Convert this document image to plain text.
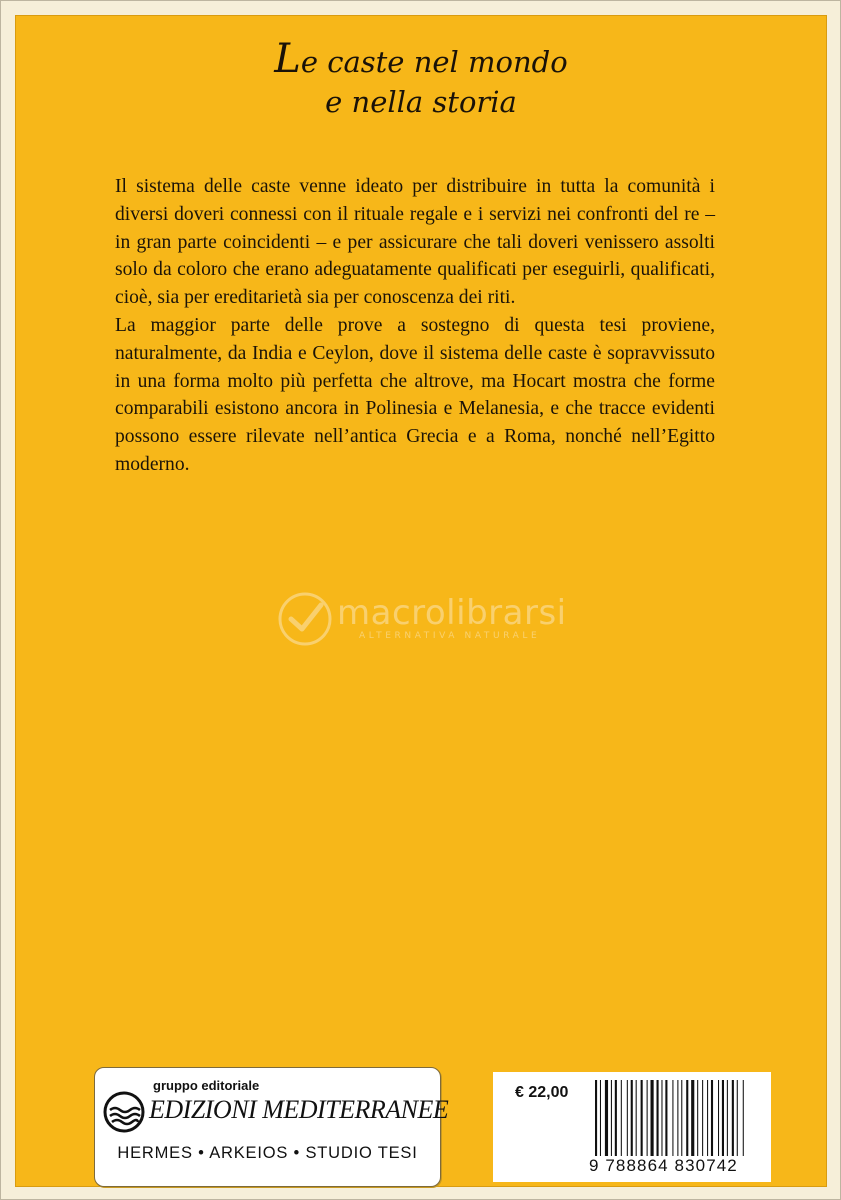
Le caste nel mondo
e nella storia

Il sistema delle caste venne ideato per distribuire in tutta la comunità i diversi doveri connessi con il rituale regale e i servizi nei confronti del re – in gran parte coincidenti – e per assicurare che tali doveri venissero assolti solo da coloro che erano adeguatamente qualificati per eseguirli, qualificati, cioè, sia per ereditarietà sia per conoscenza dei riti.

La maggior parte delle prove a sostegno di questa tesi proviene, naturalmente, da India e Ceylon, dove il sistema delle caste è sopravvissuto in una forma molto più perfetta che altrove, ma Hocart mostra che forme comparabili esistono ancora in Polinesia e Melanesia, e che tracce evidenti possono essere rilevate nell’antica Grecia e a Roma, nonché nell’Egitto moderno.

macrolibrarsi
ALTERNATIVA NATURALE
gruppo editoriale
EDIZIONI MEDITERRANEE
HERMES • ARKEIOS • STUDIO TESI
€ 22,00
9 788864 830742
